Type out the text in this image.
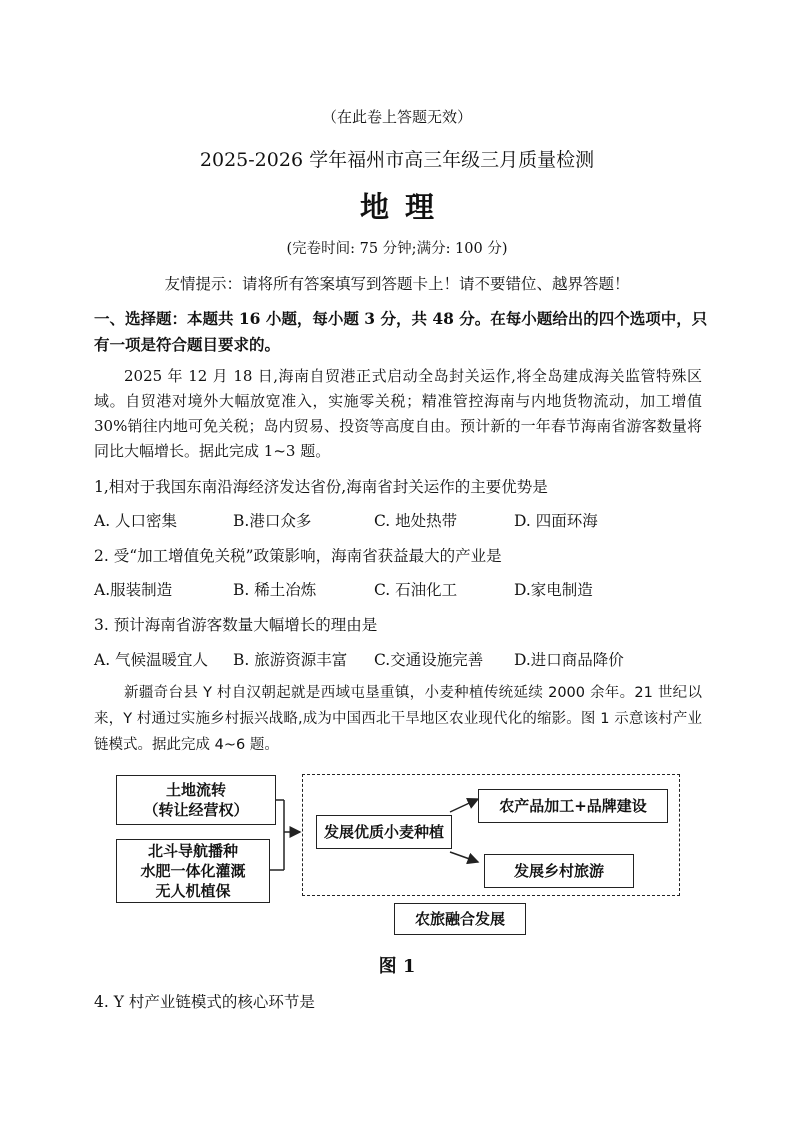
（在此卷上答题无效）
2025-2026 学年福州市高三年级三月质量检测
地理
(完卷时间: 75 分钟;满分: 100 分)
友情提示：请将所有答案填写到答题卡上！请不要错位、越界答题！
一、选择题：本题共 16 小题，每小题 3 分，共 48 分。在每小题给出的四个选项中，只有一项是符合题目要求的。
2025 年 12 月 18 日,海南自贸港正式启动全岛封关运作,将全岛建成海关监管特殊区域。自贸港对境外大幅放宽准入，实施零关税；精准管控海南与内地货物流动，加工增值 30%销往内地可免关税；岛内贸易、投资等高度自由。预计新的一年春节海南省游客数量将同比大幅增长。据此完成 1~3 题。
1,相对于我国东南沿海经济发达省份,海南省封关运作的主要优势是
A. 人口密集	B.港口众多	C. 地处热带	D. 四面环海
2. 受“加工增值免关税”政策影响，海南省获益最大的产业是
A.服装制造	B. 稀土冶炼	C. 石油化工	D.家电制造
3. 预计海南省游客数量大幅增长的理由是
A. 气候温暖宜人 B. 旅游资源丰富 C.交通设施完善 D.进口商品降价
新疆奇台县 Y 村自汉朝起就是西域屯垦重镇，小麦种植传统延续 2000 余年。21 世纪以来，Y 村通过实施乡村振兴战略,成为中国西北干旱地区农业现代化的缩影。图 1 示意该村产业链模式。据此完成 4~6 题。
土地流转
（转让经营权）
北斗导航播种
水肥一体化灌溉
无人机植保
发展优质小麦种植
农产品加工+品牌建设
发展乡村旅游
农旅融合发展
图 1
4. Y 村产业链模式的核心环节是
